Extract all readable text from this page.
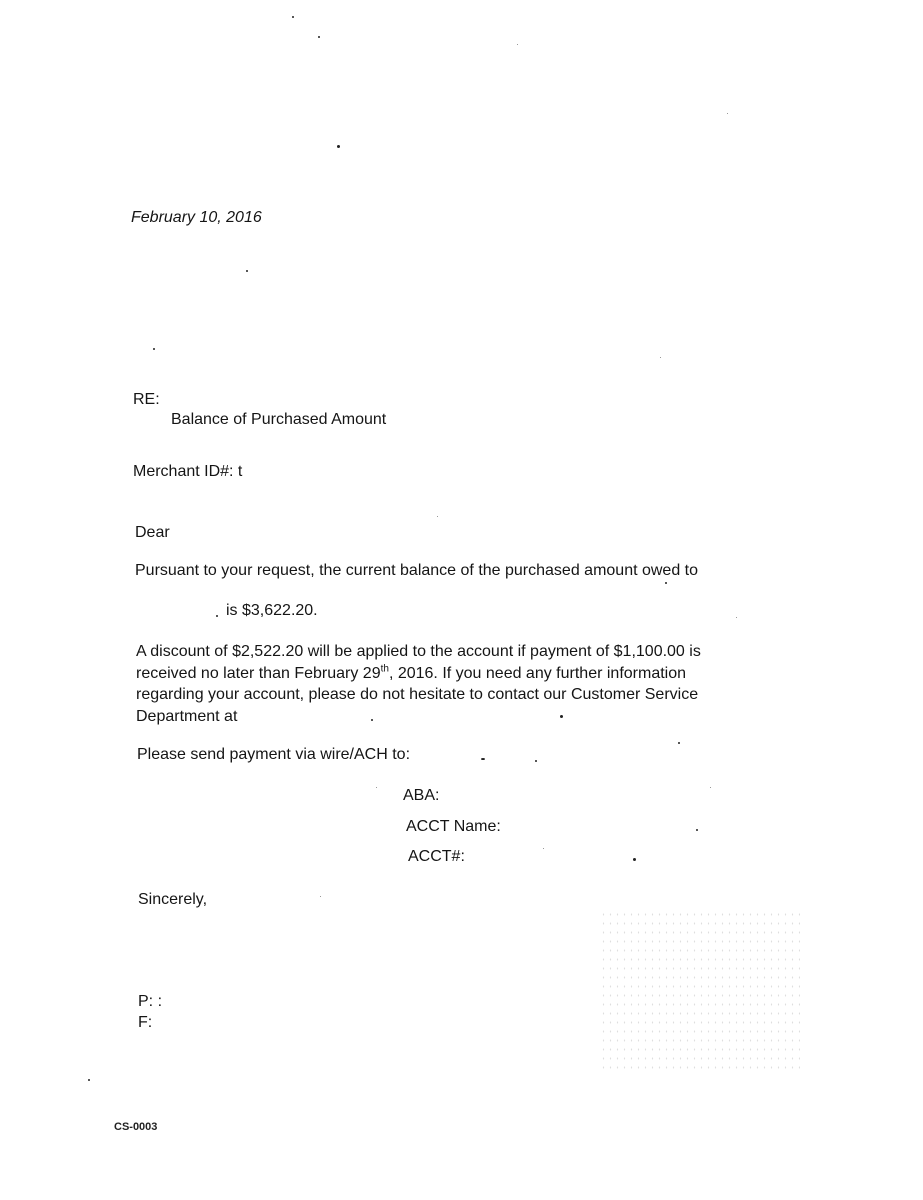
February 10, 2016
RE:
Balance of Purchased Amount
Merchant ID#: t
Dear
Pursuant to your request, the current balance of the purchased amount owed to
is $3,622.20.
A discount of $2,522.20 will be applied to the account if payment of $1,100.00 is
received no later than February 29th, 2016. If you need any further information
regarding your account, please do not hesitate to contact our Customer Service
Department at
Please send payment via wire/ACH to:
ABA:
ACCT Name:
ACCT#:
Sincerely,
P: :
F:
CS-0003
